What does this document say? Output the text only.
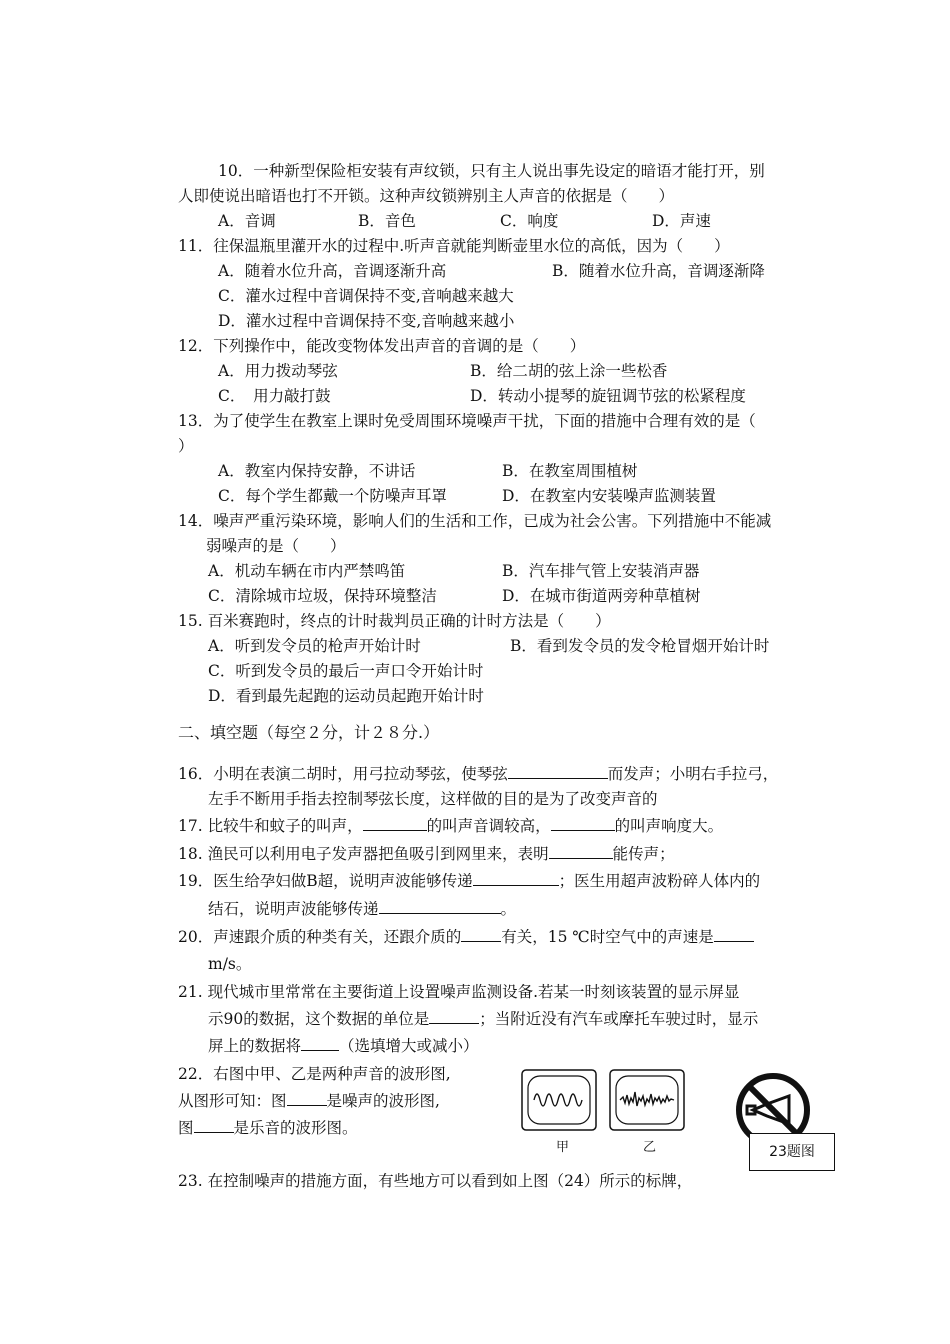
10．一种新型保险柜安装有声纹锁，只有主人说出事先设定的暗语才能打开，别
人即使说出暗语也打不开锁。这种声纹锁辨别主人声音的依据是（　　）
A．音调	B．音色	C．响度	D．声速
11．往保温瓶里灌开水的过程中.听声音就能判断壶里水位的高低，因为（　　）
A．随着水位升高，音调逐渐升高	B．随着水位升高，音调逐渐降
C．灌水过程中音调保持不变,音响越来越大
D．灌水过程中音调保持不变,音响越来越小
12．下列操作中，能改变物体发出声音的音调的是（　　）
A．用力拨动琴弦	B．给二胡的弦上涂一些松香
C．　用力敲打鼓	D．转动小提琴的旋钮调节弦的松紧程度
13．为了使学生在教室上课时免受周围环境噪声干扰，下面的措施中合理有效的是（
）
A．教室内保持安静，不讲话	B．在教室周围植树
C．每个学生都戴一个防噪声耳罩	D．在教室内安装噪声监测装置
14．噪声严重污染环境，影响人们的生活和工作，已成为社会公害。下列措施中不能减
弱噪声的是（　　）
A．机动车辆在市内严禁鸣笛	B．汽车排气管上安装消声器
C．清除城市垃圾，保持环境整洁	D．在城市街道两旁种草植树
15. 百米赛跑时，终点的计时裁判员正确的计时方法是（　　）
A．听到发令员的枪声开始计时	B．看到发令员的发令枪冒烟开始计时
C．听到发令员的最后一声口令开始计时
D．看到最先起跑的运动员起跑开始计时
二、填空题（每空２分，计２８分.）
16．小明在表演二胡时，用弓拉动琴弦，使琴弦	而发声；小明右手拉弓，
左手不断用手指去控制琴弦长度，这样做的目的是为了改变声音的
17. 比较牛和蚊子的叫声，	的叫声音调较高，	的叫声响度大。
18. 渔民可以利用电子发声器把鱼吸引到网里来，表明	能传声；
19．医生给孕妇做B超，说明声波能够传递	；医生用超声波粉碎人体内的
结石，说明声波能够传递	。
20．声速跟介质的种类有关，还跟介质的	有关，15 ℃时空气中的声速是
m/s。
21. 现代城市里常常在主要街道上设置噪声监测设备.若某一时刻该装置的显示屏显
示90的数据，这个数据的单位是	；当附近没有汽车或摩托车驶过时，显示
屏上的数据将 （选填增大或减小）
22．右图中甲、乙是两种声音的波形图,
从图形可知：图	是噪声的波形图,
图	是乐音的波形图。
甲	乙	23题图
23. 在控制噪声的措施方面，有些地方可以看到如上图（24）所示的标牌，
